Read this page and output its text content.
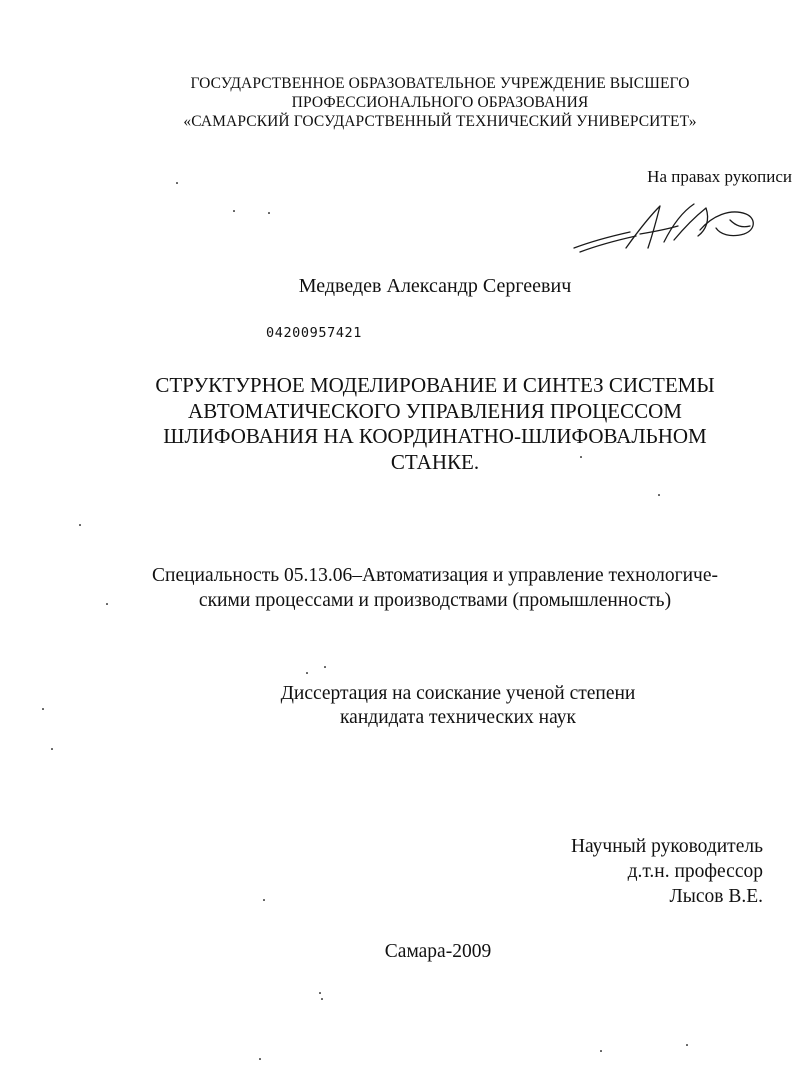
ГОСУДАРСТВЕННОЕ ОБРАЗОВАТЕЛЬНОЕ УЧРЕЖДЕНИЕ ВЫСШЕГО
ПРОФЕССИОНАЛЬНОГО ОБРАЗОВАНИЯ
«САМАРСКИЙ ГОСУДАРСТВЕННЫЙ ТЕХНИЧЕСКИЙ УНИВЕРСИТЕТ»
На правах рукописи
Медведев Александр Сергеевич
04200957421
СТРУКТУРНОЕ МОДЕЛИРОВАНИЕ И СИНТЕЗ СИСТЕМЫ
АВТОМАТИЧЕСКОГО УПРАВЛЕНИЯ ПРОЦЕССОМ
ШЛИФОВАНИЯ НА КООРДИНАТНО-ШЛИФОВАЛЬНОМ
СТАНКЕ.
Специальность 05.13.06–Автоматизация и управление технологиче-
скими процессами и производствами (промышленность)
Диссертация на соискание ученой степени
кандидата технических наук
Научный руководитель
д.т.н. профессор
Лысов В.Е.
Самара-2009
